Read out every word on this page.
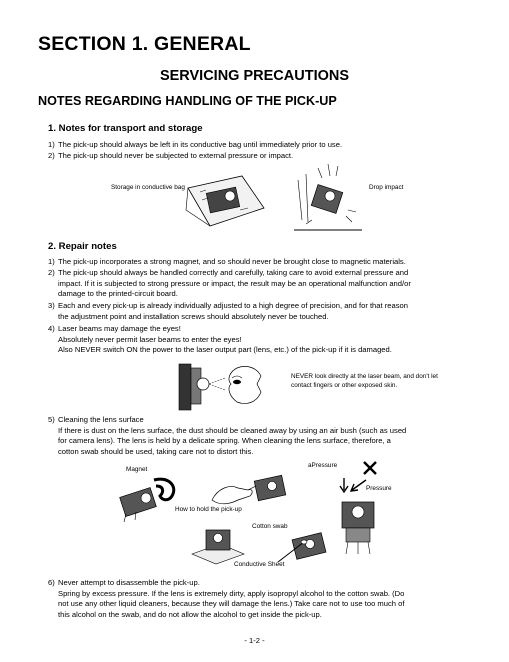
SECTION 1. GENERAL
SERVICING PRECAUTIONS
NOTES REGARDING HANDLING OF THE PICK-UP
1. Notes for transport and storage
1) The pick-up should always be left in its conductive bag until immediately prior to use.
2) The pick-up should never be subjected to external pressure or impact.
Storage in conductive bag	Drop impact
2. Repair notes
1) The pick-up incorporates a strong magnet, and so should never be brought close to magnetic materials.
2) The pick-up should always be handled correctly and carefully, taking care to avoid external pressure and
impact. If it is subjected to strong pressure or impact, the result may be an operational malfunction and/or
damage to the printed-circuit board.
3) Each and every pick-up is already individually adjusted to a high degree of precision, and for that reason
the adjustment point and installation screws should absolutely never be touched.
4) Laser beams may damage the eyes!
Absolutely never permit laser beams to enter the eyes!
Also NEVER switch ON the power to the laser output part (lens, etc.) of the pick-up if it is damaged.
NEVER look directly at the laser beam, and don't let
contact fingers or other exposed skin.
5) Cleaning the lens surface
If there is dust on the lens surface, the dust should be cleaned away by using an air bush (such as used
for camera lens). The lens is held by a delicate spring. When cleaning the lens surface, therefore, a
cotton swab should be used, taking care not to distort this.
Magnet
How to hold the pick-up
Cotton swab
Conductive Sheet
aPressure
Pressure
6) Never attempt to disassemble the pick-up.
Spring by excess pressure. If the lens is extremely dirty, apply isopropyl alcohol to the cotton swab. (Do
not use any other liquid cleaners, because they will damage the lens.) Take care not to use too much of
this alcohol on the swab, and do not allow the alcohol to get inside the pick-up.
- 1-2 -
